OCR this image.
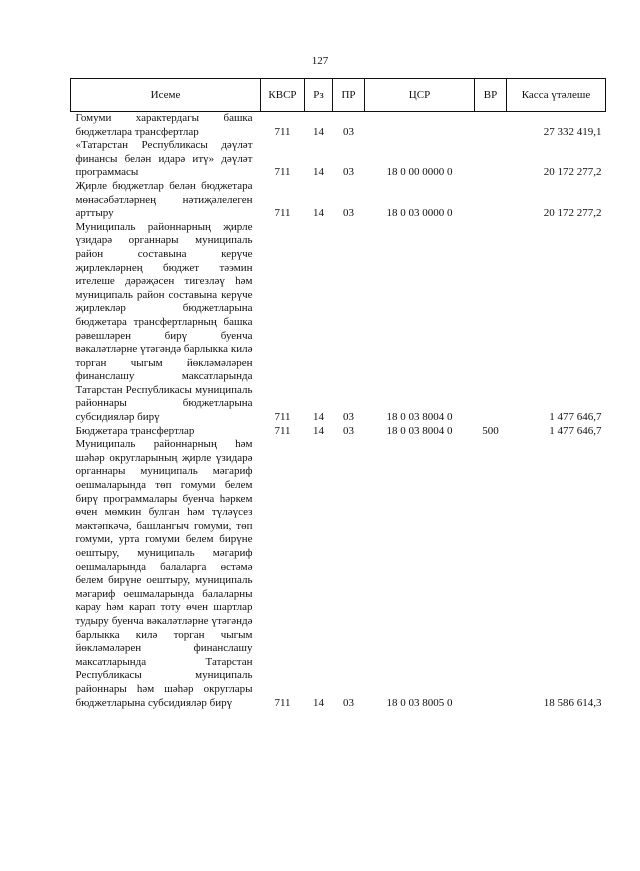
127
Исеме	КВСР	Рз	ПР	ЦСР	ВР	Касса үтәлеше
Гомуми характердагы башка бюджетлара трансфертлар	711	14	03			27 332 419,1
«Татарстан Республикасы дәүләт финансы белән идарә итү» дәүләт программасы	711	14	03	18 0 00 0000 0		20 172 277,2
Җирле бюджетлар белән бюджетара мөнәсәбәтләрнең нәтиҗәлелеген арттыру	711	14	03	18 0 03 0000 0		20 172 277,2
Муниципаль районнарның җирле үзидарә органнары муниципаль район составына керүче җирлекләрнең бюджет тәэмин ителеше дәрәҗәсен тигезләү һәм муниципаль район составына керүче җирлекләр бюджетларына бюджетара трансфертларның башка рәвешләрен бирү буенча вәкаләтләрне үтәгәндә барлыкка килә торган чыгым йөкләмәләрен финанслашу максатларында Татарстан Республикасы муниципаль районнары бюджетларына субсидияләр бирү	711	14	03	18 0 03 8004 0		1 477 646,7
Бюджетара трансфертлар	711	14	03	18 0 03 8004 0	500	1 477 646,7
Муниципаль районнарның һәм шәһәр округларының җирле үзидарә органнары муниципаль мәгариф оешмаларында төп гомуми белем бирү программалары буенча һәркем өчен мөмкин булган һәм түләүсез мәктәпкәчә, башлангыч гомуми, төп гомуми, урта гомуми белем бирүне оештыру, муниципаль мәгариф оешмаларында балаларга өстәмә белем бирүне оештыру, муниципаль мәгариф оешмаларында балаларны карау һәм карап тоту өчен шартлар тудыру буенча вәкаләтләрне үтәгәндә барлыкка килә торган чыгым йөкләмәләрен финанслашу максатларында Татарстан Республикасы муниципаль районнары һәм шәһәр округлары бюджетларына субсидияләр бирү	711	14	03	18 0 03 8005 0		18 586 614,3
